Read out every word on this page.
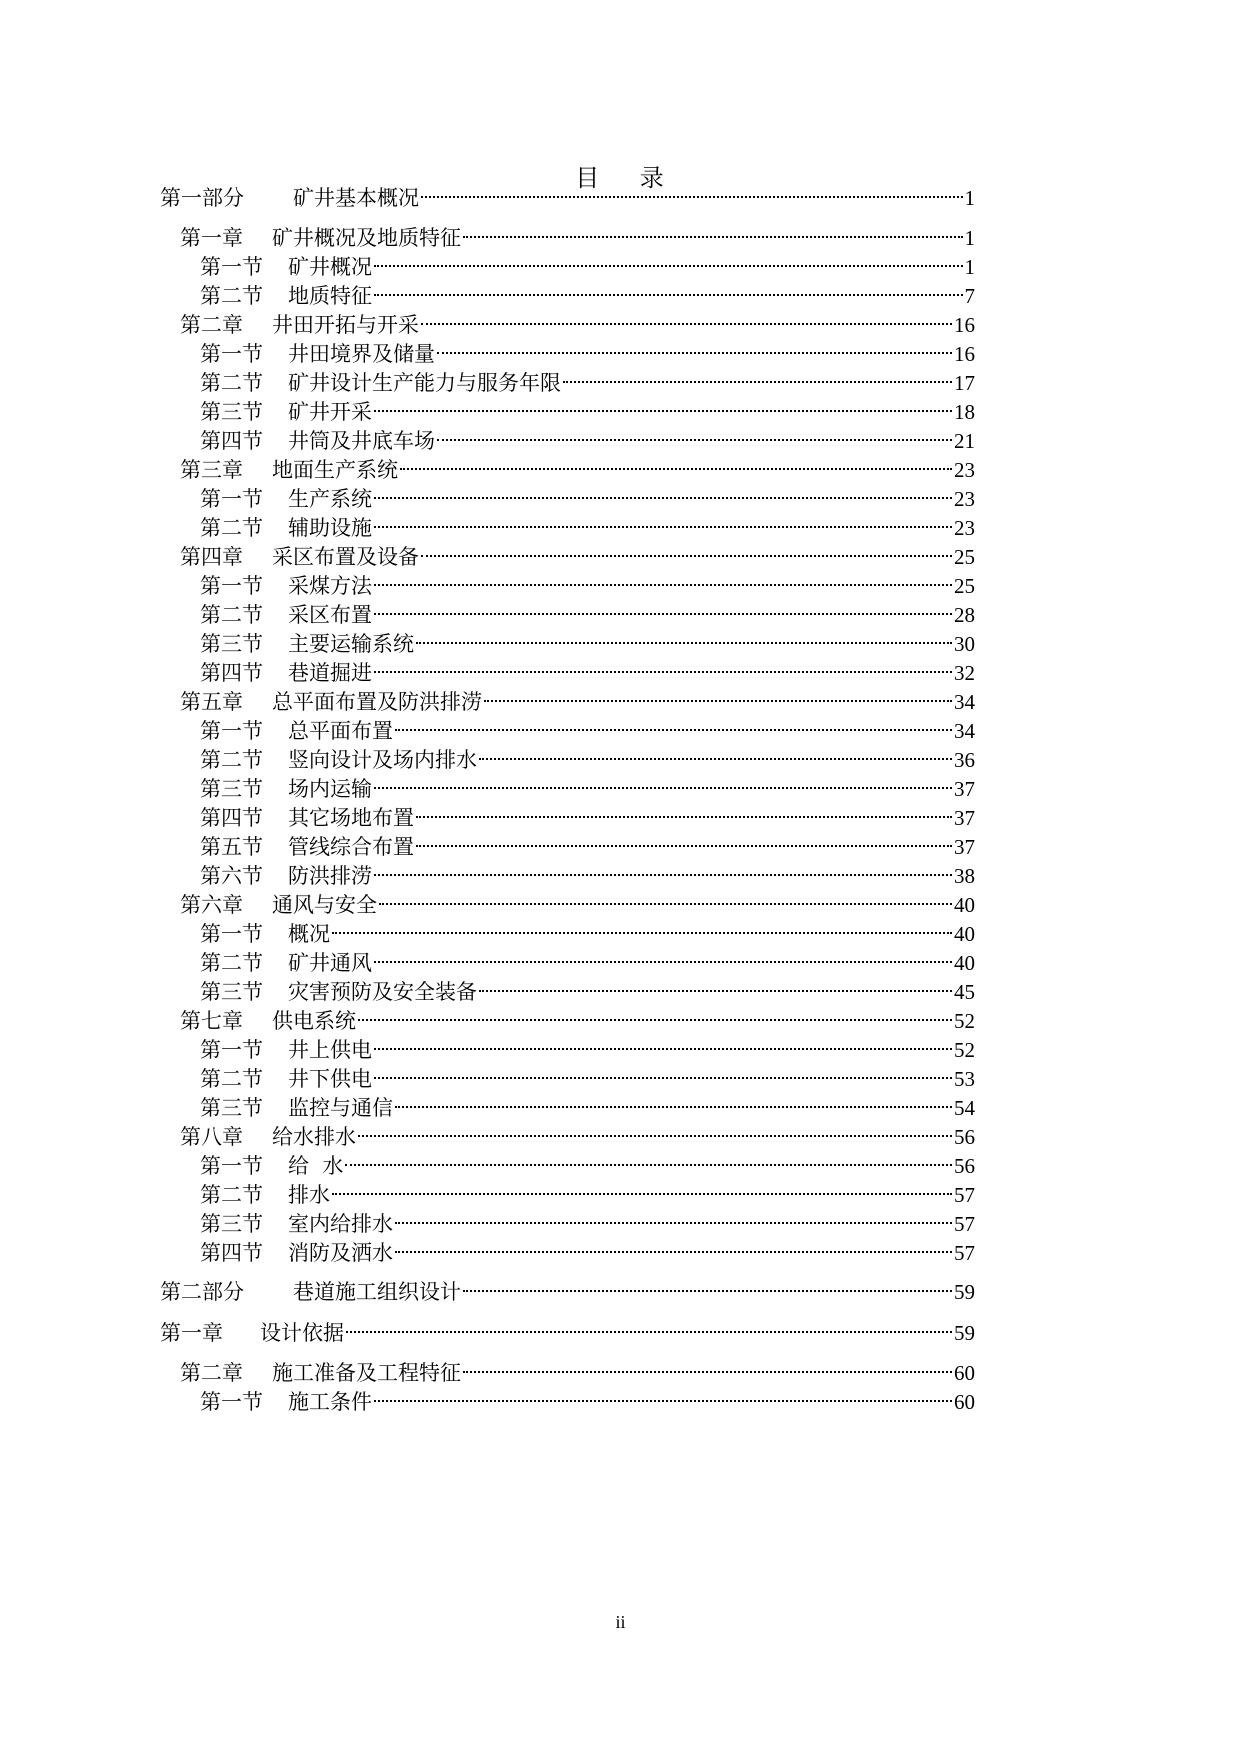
目    录
第一部分	矿井基本概况	1
第一章	矿井概况及地质特征	1
第一节	矿井概况	1
第二节	地质特征	7
第二章	井田开拓与开采	16
第一节	井田境界及储量	16
第二节	矿井设计生产能力与服务年限	17
第三节	矿井开采	18
第四节	井筒及井底车场	21
第三章	地面生产系统	23
第一节	生产系统	23
第二节	辅助设施	23
第四章	采区布置及设备	25
第一节	采煤方法	25
第二节	采区布置	28
第三节	主要运输系统	30
第四节	巷道掘进	32
第五章	总平面布置及防洪排涝	34
第一节	总平面布置	34
第二节	竖向设计及场内排水	36
第三节	场内运输	37
第四节	其它场地布置	37
第五节	管线综合布置	37
第六节	防洪排涝	38
第六章	通风与安全	40
第一节	概况	40
第二节	矿井通风	40
第三节	灾害预防及安全装备	45
第七章	供电系统	52
第一节	井上供电	52
第二节	井下供电	53
第三节	监控与通信	54
第八章	给水排水	56
第一节	给  水	56
第二节	排水	57
第三节	室内给排水	57
第四节	消防及洒水	57
第二部分	巷道施工组织设计	59
第一章	设计依据	59
第二章	施工准备及工程特征	60
第一节	施工条件	60
ii
